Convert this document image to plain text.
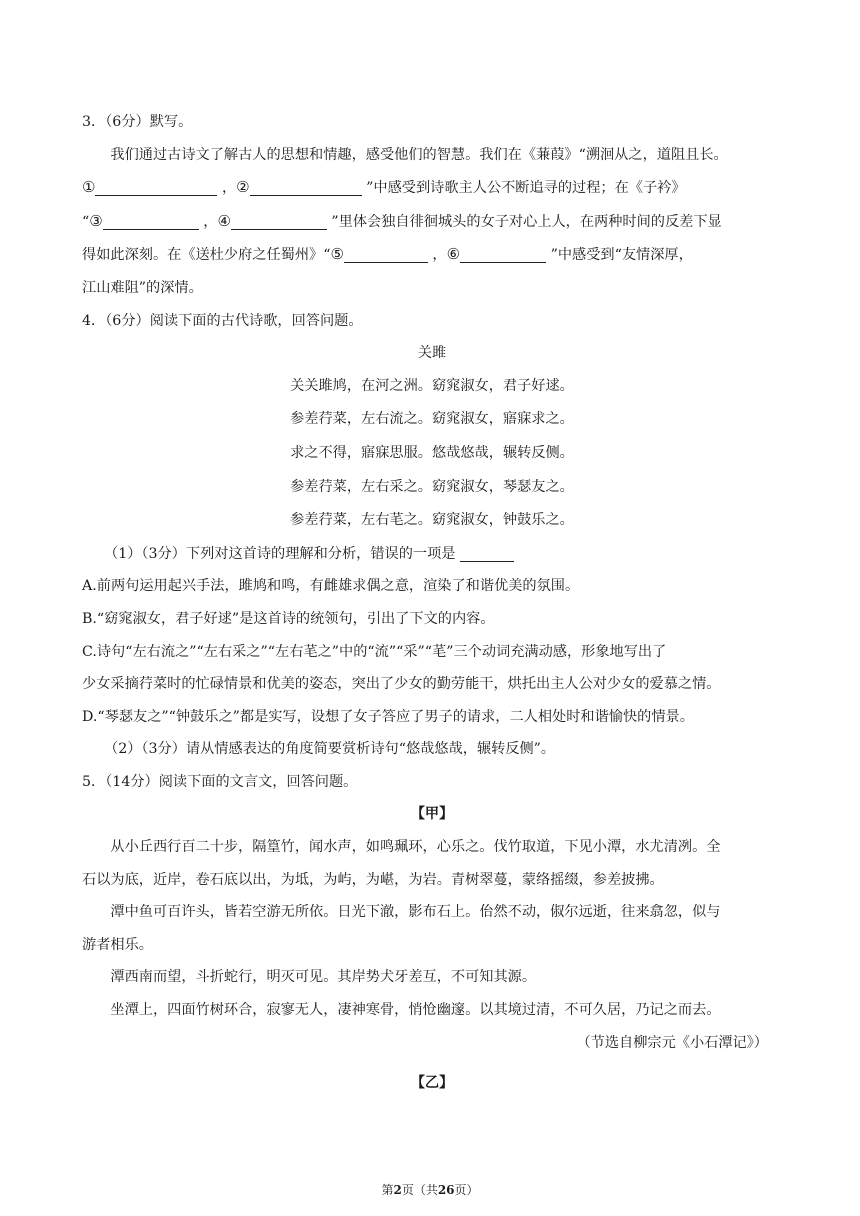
3．（6分）默写。

我们通过古诗文了解古人的思想和情趣，感受他们的智慧。我们在《蒹葭》“溯洄从之，道阻且长。

①	，②	”中感受到诗歌主人公不断追寻的过程；在《子衿》

“③	，④	”里体会独自徘徊城头的女子对心上人，在两种时间的反差下显

得如此深刻。在《送杜少府之任蜀州》“⑤	，⑥	”中感受到“友情深厚，

江山难阻”的深情。

4．（6分）阅读下面的古代诗歌，回答问题。

关雎

关关雎鸠，在河之洲。窈窕淑女，君子好逑。

参差荇菜，左右流之。窈窕淑女，寤寐求之。

求之不得，寤寐思服。悠哉悠哉，辗转反侧。

参差荇菜，左右采之。窈窕淑女，琴瑟友之。

参差荇菜，左右芼之。窈窕淑女，钟鼓乐之。

（1）（3分）下列对这首诗的理解和分析，错误的一项是

A.前两句运用起兴手法，雎鸠和鸣，有雌雄求偶之意，渲染了和谐优美的氛围。

B.“窈窕淑女，君子好逑”是这首诗的统领句，引出了下文的内容。

C.诗句“左右流之”“左右采之”“左右芼之”中的“流”“采”“芼”三个动词充满动感，形象地写出了

少女采摘荇菜时的忙碌情景和优美的姿态，突出了少女的勤劳能干，烘托出主人公对少女的爱慕之情。

D.“琴瑟友之”“钟鼓乐之”都是实写，设想了女子答应了男子的请求，二人相处时和谐愉快的情景。

（2）（3分）请从情感表达的角度简要赏析诗句“悠哉悠哉，辗转反侧”。

5．（14分）阅读下面的文言文，回答问题。

【甲】

从小丘西行百二十步，隔篁竹，闻水声，如鸣珮环，心乐之。伐竹取道，下见小潭，水尤清冽。全

石以为底，近岸，卷石底以出，为坻，为屿，为嵁，为岩。青树翠蔓，蒙络摇缀，参差披拂。

潭中鱼可百许头，皆若空游无所依。日光下澈，影布石上。佁然不动，俶尔远逝，往来翕忽，似与

游者相乐。

潭西南而望，斗折蛇行，明灭可见。其岸势犬牙差互，不可知其源。

坐潭上，四面竹树环合，寂寥无人，凄神寒骨，悄怆幽邃。以其境过清，不可久居，乃记之而去。

（节选自柳宗元《小石潭记》）

【乙】

第2页（共26页）
